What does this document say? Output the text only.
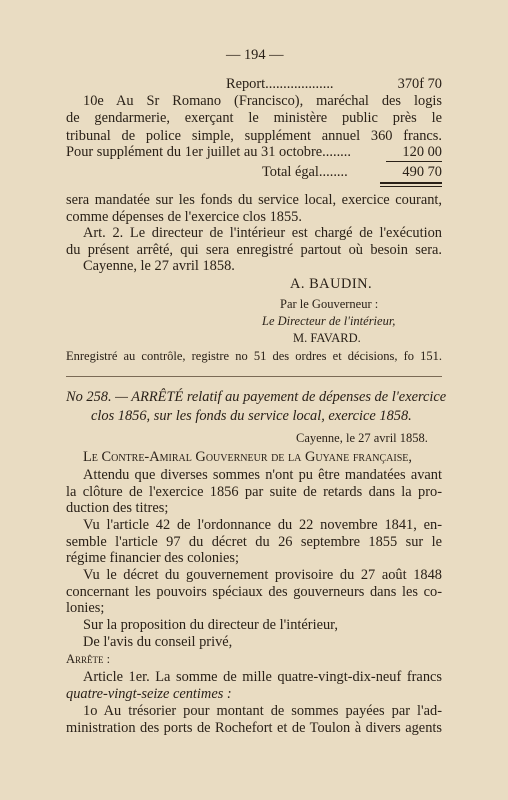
— 194 —
Report...................	370f 70
10e Au Sr Romano (Francisco), maréchal des logis
de gendarmerie, exerçant le ministère public près le
tribunal de police simple, supplément annuel 360 francs.
Pour supplément du 1er juillet au 31 octobre........	120 00
Total égal........	490 70
sera mandatée sur les fonds du service local, exercice courant,
comme dépenses de l'exercice clos 1855.
Art. 2. Le directeur de l'intérieur est chargé de l'exécution
du présent arrêté, qui sera enregistré partout où besoin sera.
Cayenne, le 27 avril 1858.
A. BAUDIN.
Par le Gouverneur :
Le Directeur de l'intérieur,
M. FAVARD.
Enregistré au contrôle, registre no 51 des ordres et décisions, fo 151.
No 258. — ARRÊTÉ relatif au payement de dépenses de l'exercice
clos 1856, sur les fonds du service local, exercice 1858.
Cayenne, le 27 avril 1858.
Le Contre-Amiral Gouverneur de la Guyane française,
Attendu que diverses sommes n'ont pu être mandatées avant
la clôture de l'exercice 1856 par suite de retards dans la pro-
duction des titres;
Vu l'article 42 de l'ordonnance du 22 novembre 1841, en-
semble l'article 97 du décret du 26 septembre 1855 sur le
régime financier des colonies;
Vu le décret du gouvernement provisoire du 27 août 1848
concernant les pouvoirs spéciaux des gouverneurs dans les co-
lonies;
Sur la proposition du directeur de l'intérieur,
De l'avis du conseil privé,
Arrête :
Article 1er. La somme de mille quatre-vingt-dix-neuf francs
quatre-vingt-seize centimes :
1o Au trésorier pour montant de sommes payées par l'ad-
ministration des ports de Rochefort et de Toulon à divers agents
